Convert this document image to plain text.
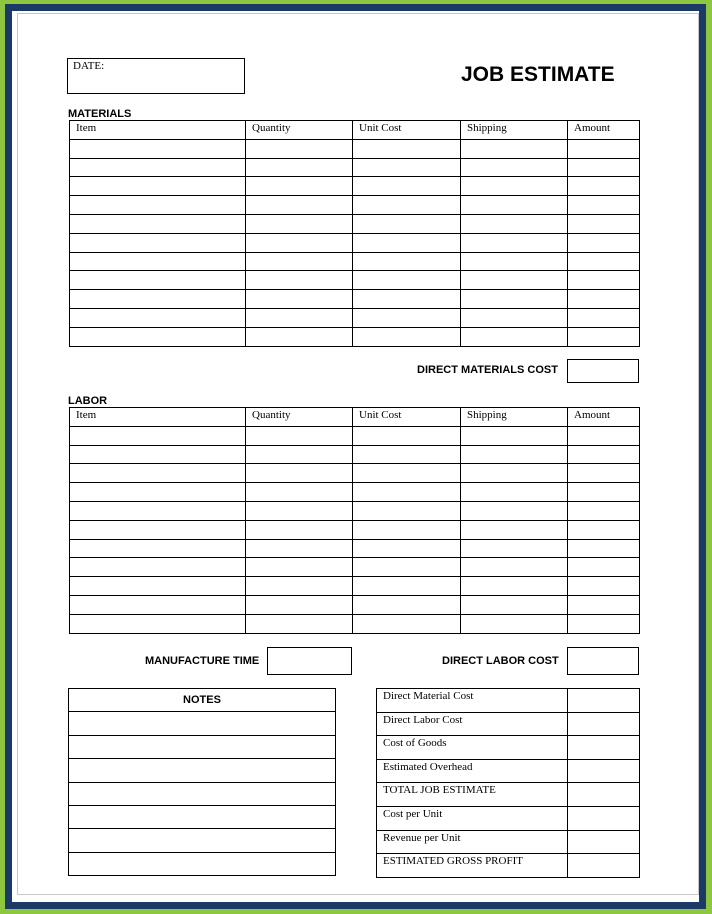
DATE:	JOB ESTIMATE
MATERIALS
Item	Quantity	Unit Cost	Shipping	Amount

DIRECT MATERIALS COST
LABOR
Item	Quantity	Unit Cost	Shipping	Amount

MANUFACTURE TIME	DIRECT LABOR COST
NOTES	Direct Material Cost	
Direct Labor Cost	
Cost of Goods	
Estimated Overhead	
TOTAL JOB ESTIMATE	
Cost per Unit	
Revenue per Unit	
ESTIMATED GROSS PROFIT	
